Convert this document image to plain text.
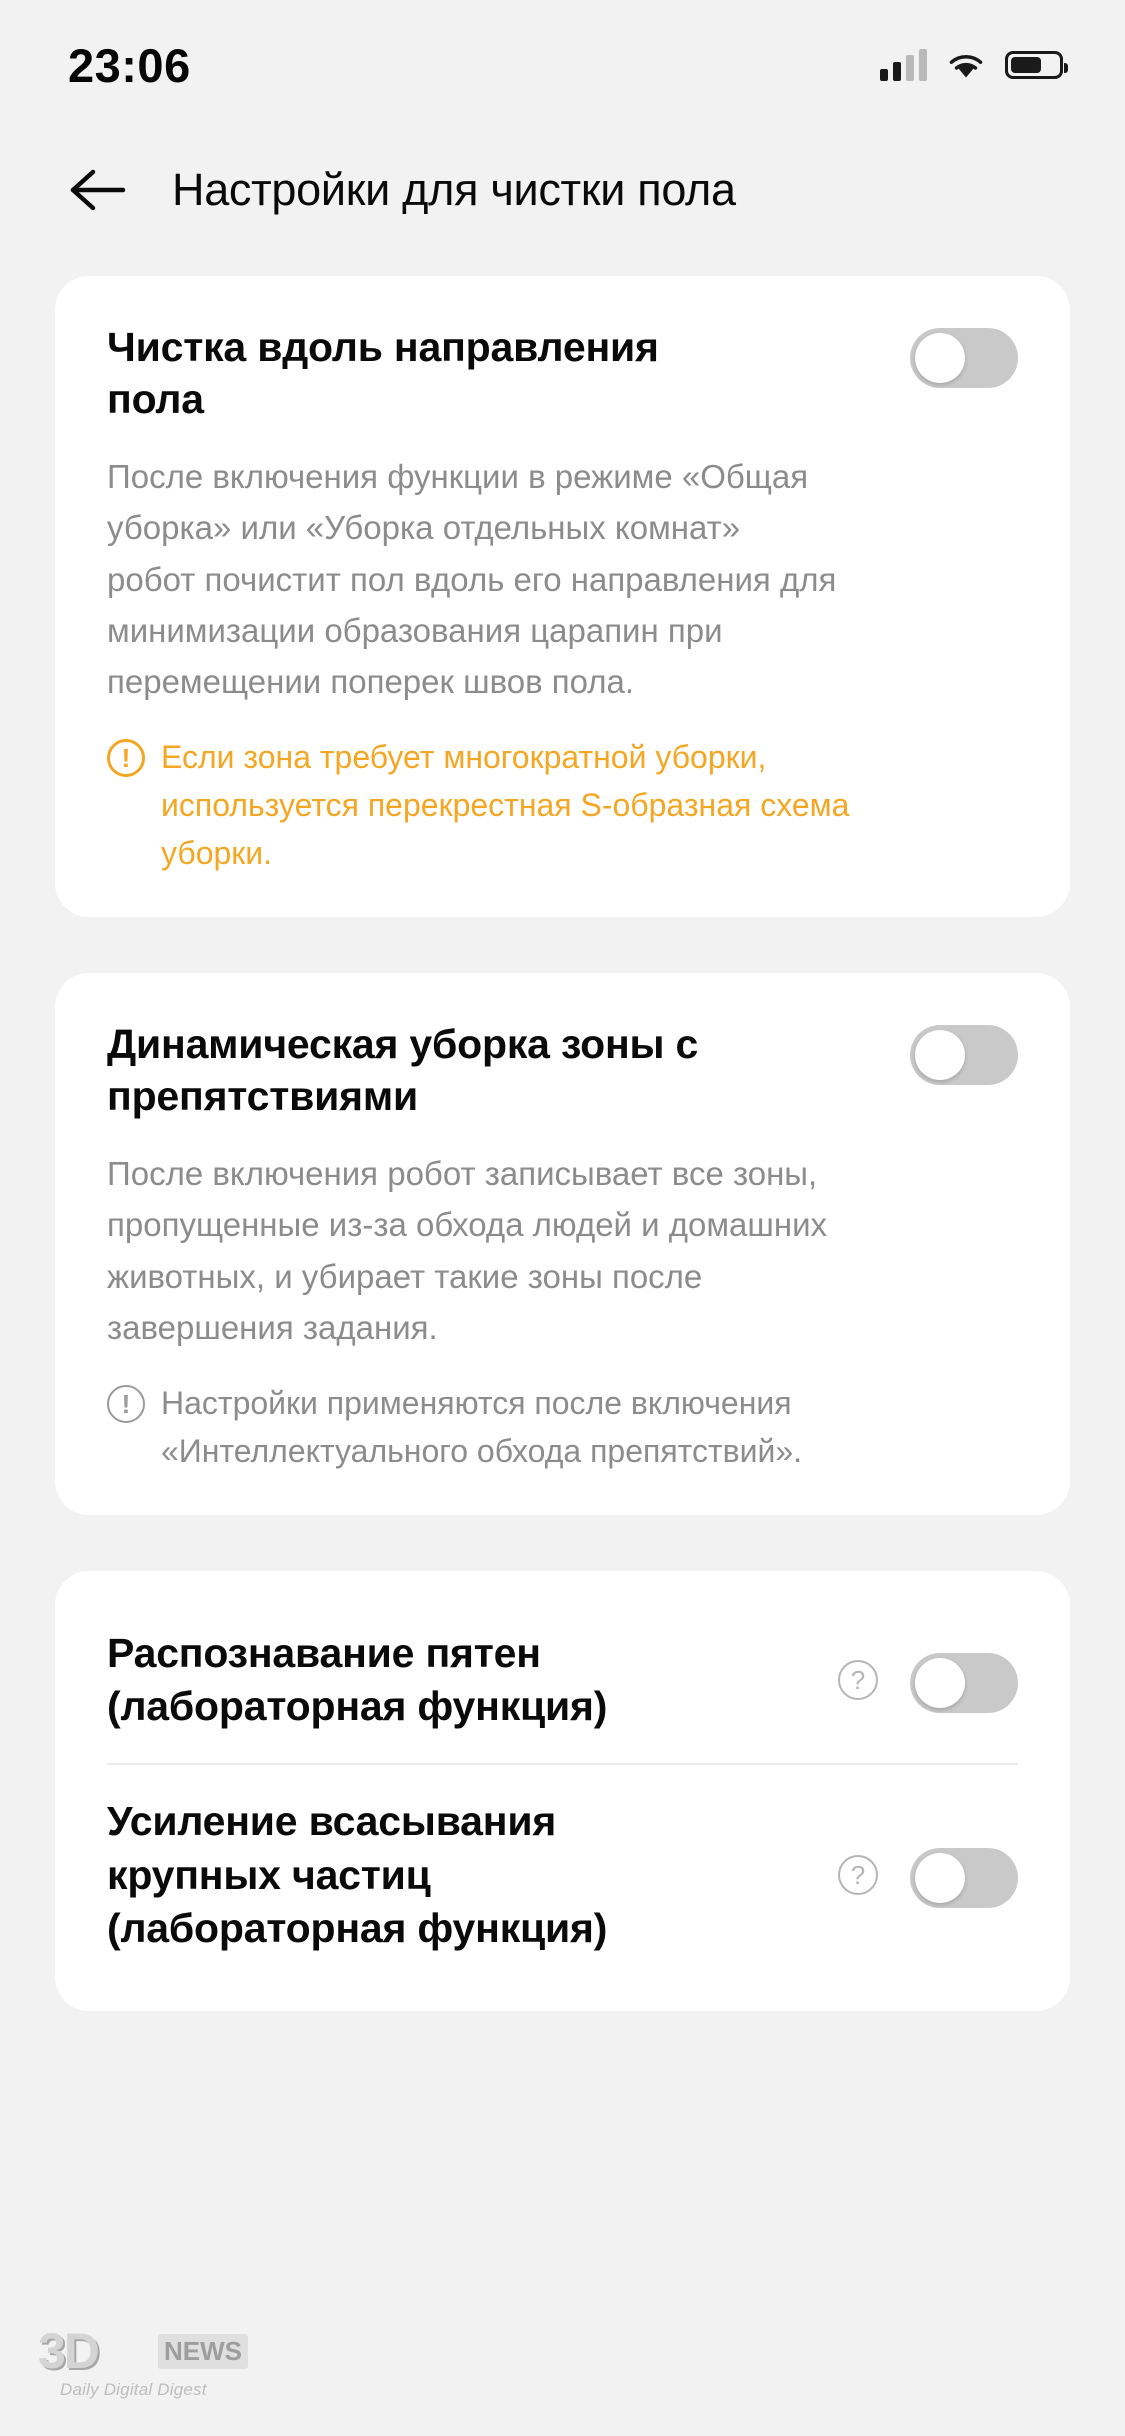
23:06
Настройки для чистки пола
Чистка вдоль направления пола
После включения функции в режиме «Общая уборка» или «Уборка отдельных комнат» робот почистит пол вдоль его направления для минимизации образования царапин при перемещении поперек швов пола.
! Если зона требует многократной уборки, используется перекрестная S-образная схема уборки.
Динамическая уборка зоны с препятствиями
После включения робот записывает все зоны, пропущенные из-за обхода людей и домашних животных, и убирает такие зоны после завершения задания.
! Настройки применяются после включения «Интеллектуального обхода препятствий».
Распознавание пятен (лабораторная функция)
?
Усиление всасывания крупных частиц (лабораторная функция)
?
3D	NEWS
Daily Digital Digest
